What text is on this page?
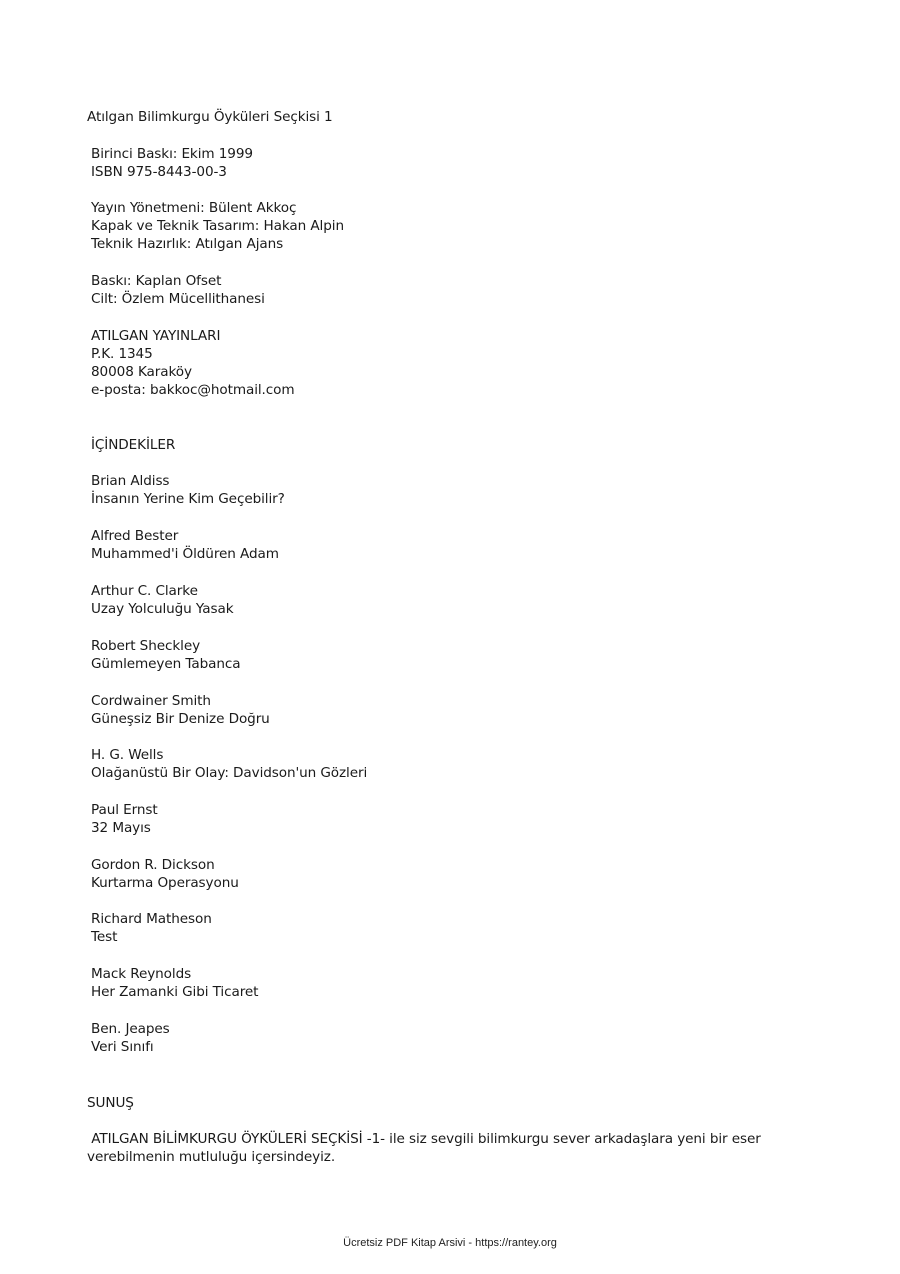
Atılgan Bilimkurgu Öyküleri Seçkisi 1
Birinci Baskı: Ekim 1999
ISBN 975-8443-00-3
Yayın Yönetmeni: Bülent Akkoç
Kapak ve Teknik Tasarım: Hakan Alpin
Teknik Hazırlık: Atılgan Ajans
Baskı: Kaplan Ofset
Cilt: Özlem Mücellithanesi
ATILGAN YAYINLARI
P.K. 1345
80008 Karaköy
e-posta: bakkoc@hotmail.com
İÇİNDEKİLER
Brian Aldiss
İnsanın Yerine Kim Geçebilir?
Alfred Bester
Muhammed'i Öldüren Adam
Arthur C. Clarke
Uzay Yolculuğu Yasak
Robert Sheckley
Gümlemeyen Tabanca
Cordwainer Smith
Güneşsiz Bir Denize Doğru
H. G. Wells
Olağanüstü Bir Olay: Davidson'un Gözleri
Paul Ernst
32 Mayıs
Gordon R. Dickson
Kurtarma Operasyonu
Richard Matheson
Test
Mack Reynolds
Her Zamanki Gibi Ticaret
Ben. Jeapes
Veri Sınıfı
SUNUŞ
ATILGAN BİLİMKURGU ÖYKÜLERİ SEÇKİSİ -1- ile siz sevgili bilimkurgu sever arkadaşlara yeni bir eser verebilmenin mutluluğu içersindeyiz.
Ücretsiz PDF Kitap Arsivi - https://rantey.org
